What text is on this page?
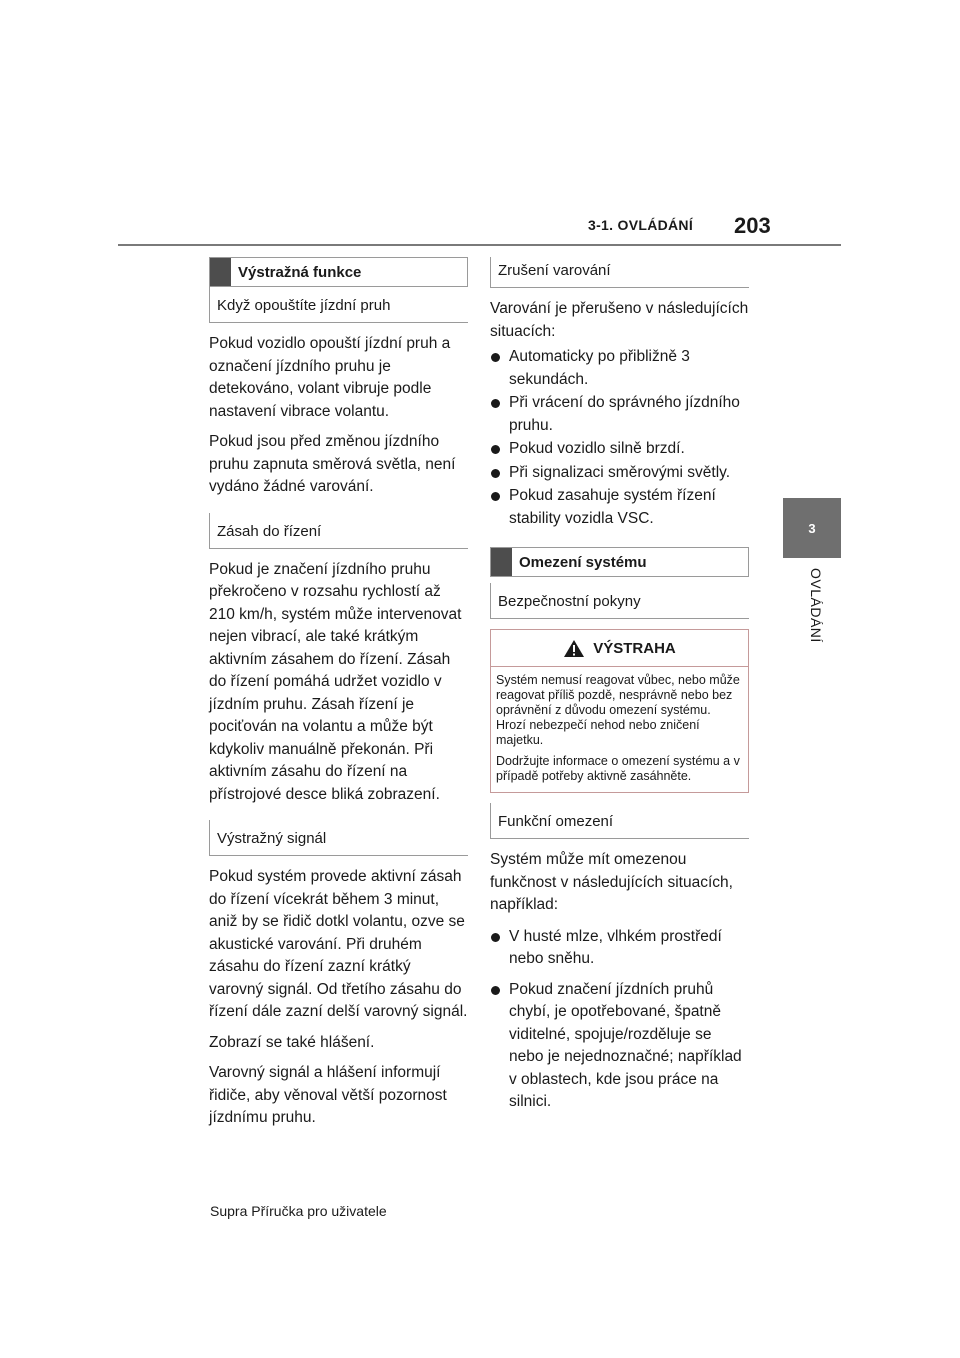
3-1. OVLÁDÁNÍ 203
3
OVLÁDÁNÍ
Výstražná funkce
Když opouštíte jízdní pruh

Pokud vozidlo opouští jízdní pruh a označení jízdního pruhu je detekováno, volant vibruje podle nastavení vibrace volantu.

Pokud jsou před změnou jízdního pruhu zapnuta směrová světla, není vydáno žádné varování.

Zásah do řízení

Pokud je značení jízdního pruhu překročeno v rozsahu rychlostí až 210 km/h, systém může intervenovat nejen vibrací, ale také krátkým aktivním zásahem do řízení. Zásah do řízení pomáhá udržet vozidlo v jízdním pruhu. Zásah řízení je pociťován na volantu a může být kdykoliv manuálně překonán. Při aktivním zásahu do řízení na přístrojové desce bliká zobrazení.

Výstražný signál

Pokud systém provede aktivní zásah do řízení vícekrát během 3 minut, aniž by se řidič dotkl volantu, ozve se akustické varování. Při druhém zásahu do řízení zazní krátký varovný signál. Od třetího zásahu do řízení dále zazní delší varovný signál.

Zobrazí se také hlášení.

Varovný signál a hlášení informují řidiče, aby věnoval větší pozornost jízdnímu pruhu.

Zrušení varování

Varování je přerušeno v následujících situacích:

Automaticky po přibližně 3 sekundách.
Při vrácení do správného jízdního pruhu.
Pokud vozidlo silně brzdí.
Při signalizaci směrovými světly.
Pokud zasahuje systém řízení stability vozidla VSC.
Omezení systému
Bezpečnostní pokyny
VÝSTRAHA

Systém nemusí reagovat vůbec, nebo může reagovat příliš pozdě, nesprávně nebo bez oprávnění z důvodu omezení systému. Hrozí nebezpečí nehod nebo zničení majetku.

Dodržujte informace o omezení systému a v případě potřeby aktivně zasáhněte.

Funkční omezení

Systém může mít omezenou funkčnost v následujících situacích, například:

V husté mlze, vlhkém prostředí nebo sněhu.
Pokud značení jízdních pruhů chybí, je opotřebované, špatně viditelné, spojuje/rozděluje se nebo je nejednoznačné; například v oblastech, kde jsou práce na silnici.
Supra Příručka pro uživatele
